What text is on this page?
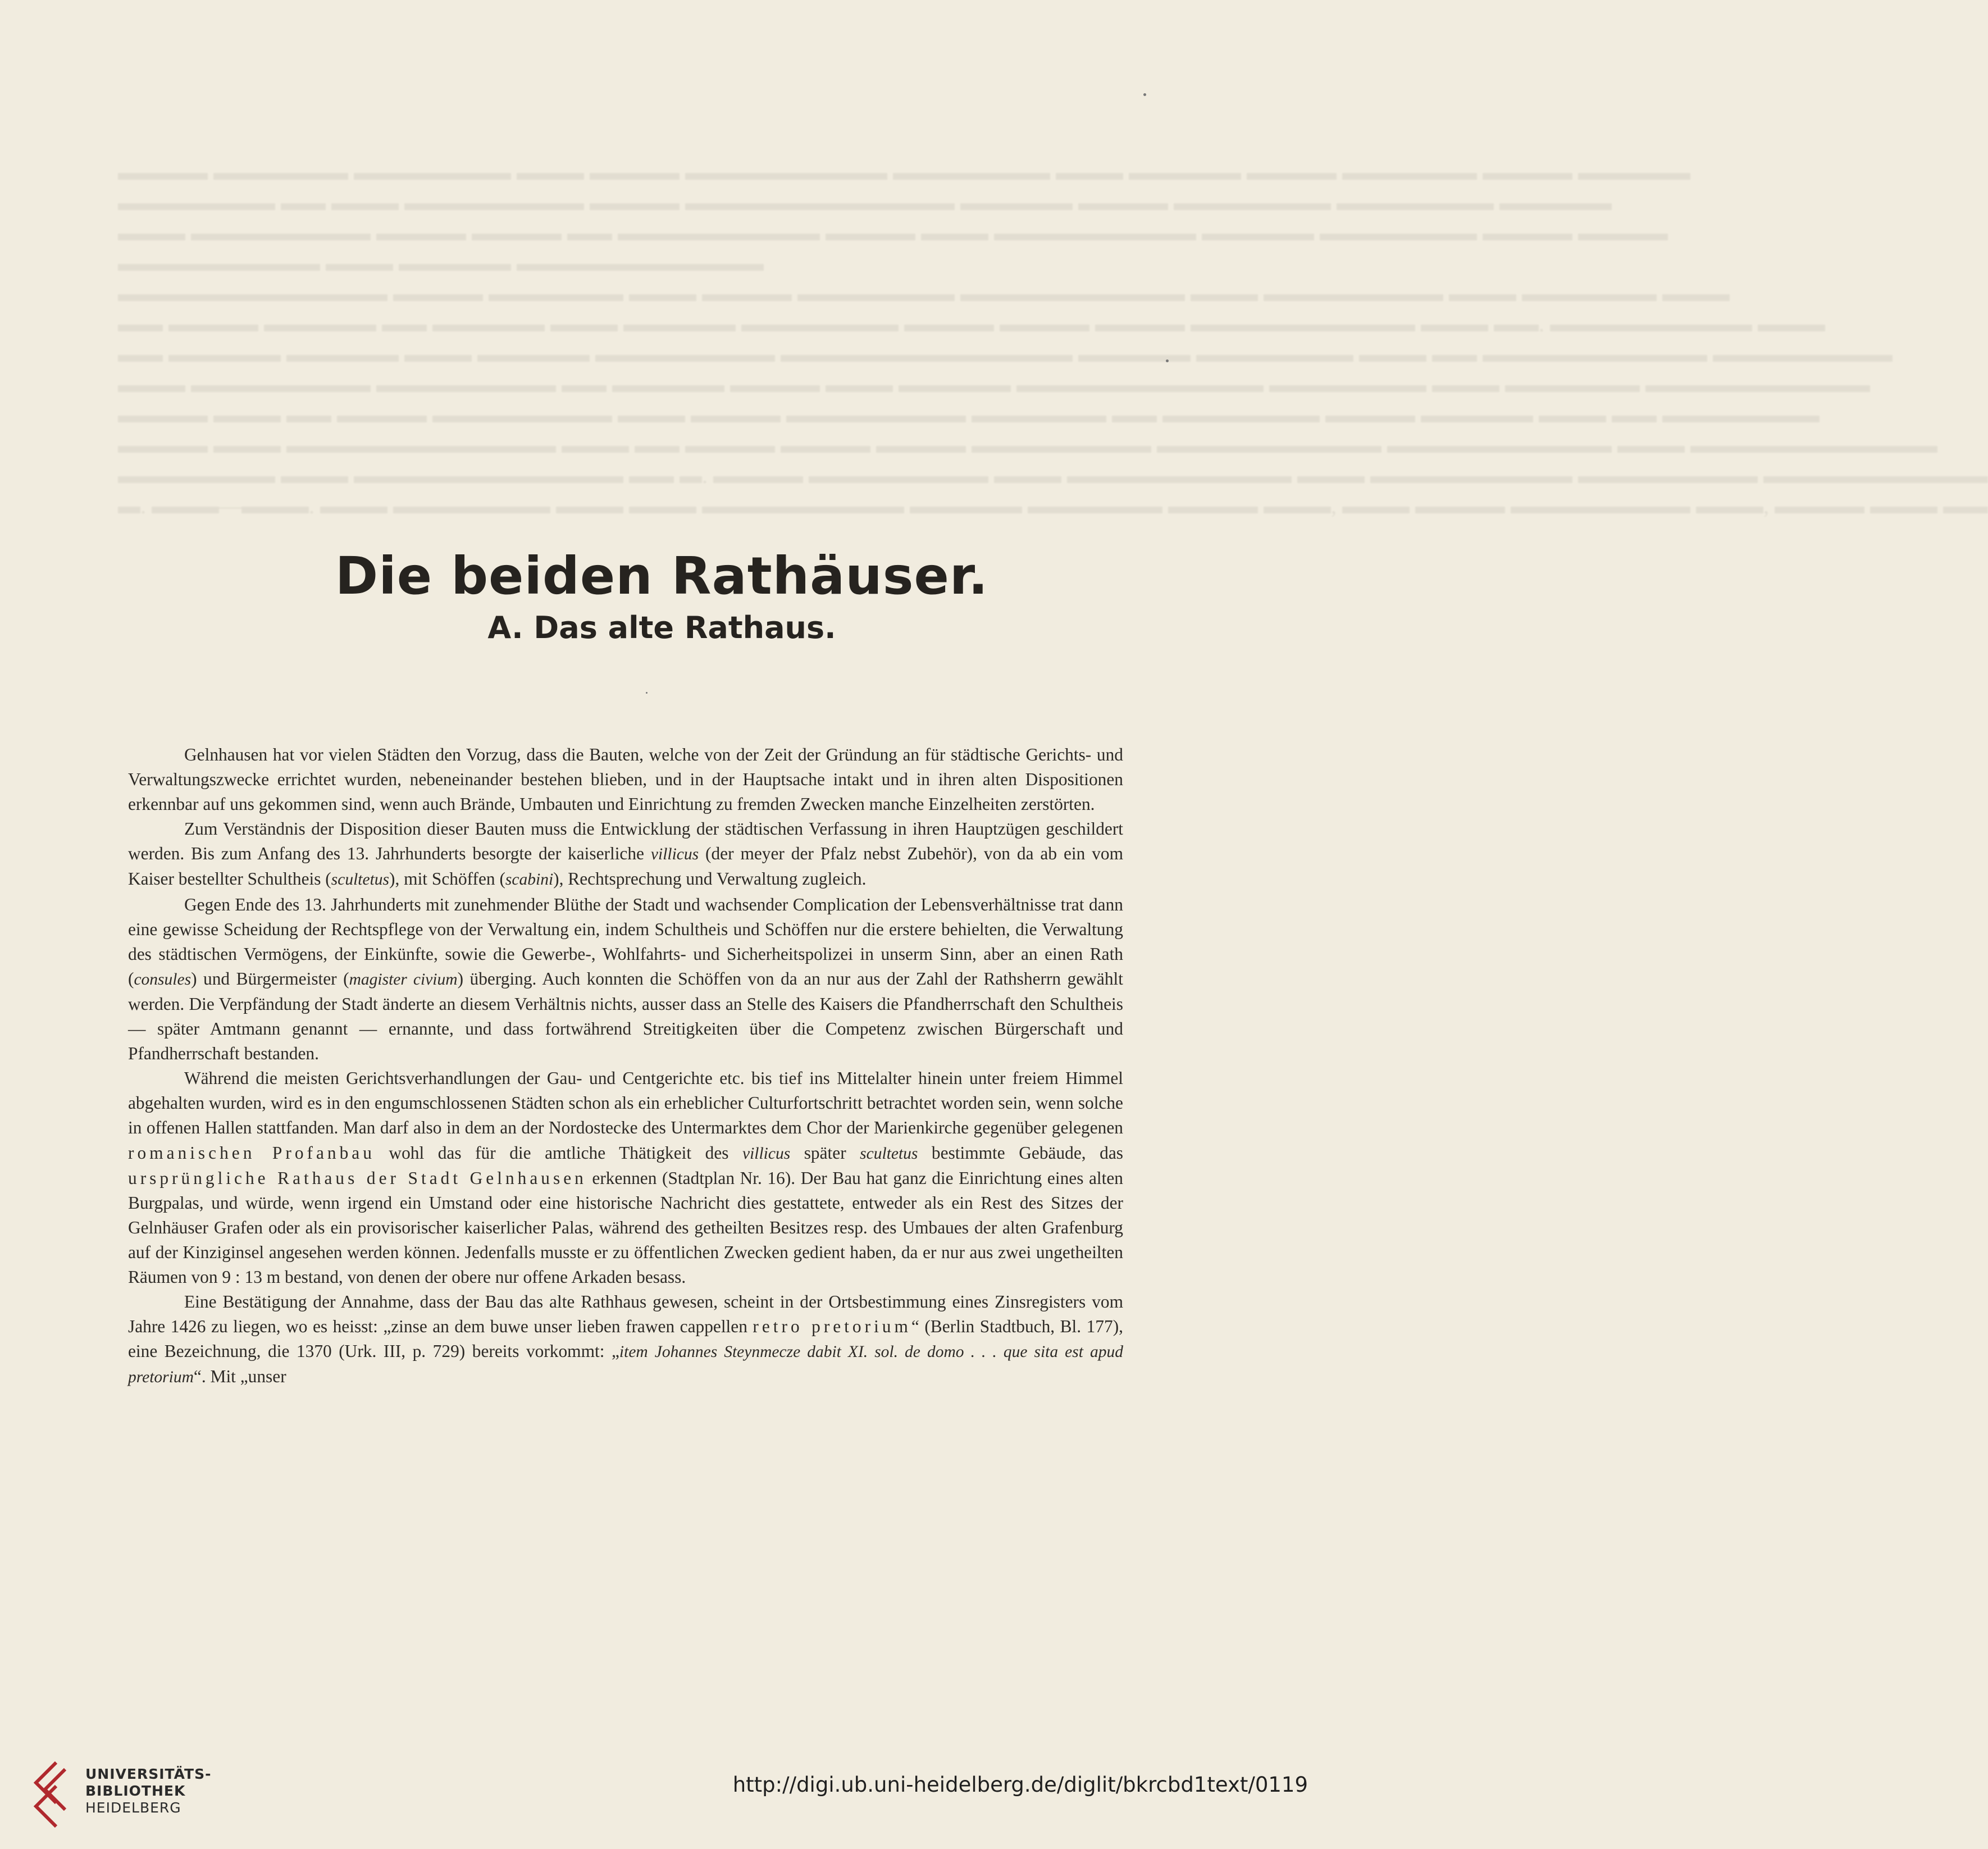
▬▬▬▬ ▬▬▬▬▬▬ ▬▬▬▬▬▬▬ ▬▬▬ ▬▬▬▬ ▬▬▬▬▬▬▬▬▬ ▬▬▬▬▬▬▬ ▬▬▬ ▬▬▬▬▬ ▬▬▬▬ ▬▬▬▬▬▬ ▬▬▬▬ ▬▬▬▬▬
▬▬▬▬▬▬▬ ▬▬ ▬▬▬ ▬▬▬▬▬▬▬▬ ▬▬▬▬ ▬▬▬▬▬▬▬▬▬▬▬▬ ▬▬▬▬▬ ▬▬▬▬ ▬▬▬▬▬▬▬ ▬▬▬▬▬▬▬ ▬▬▬▬▬
▬▬▬ ▬▬▬▬▬▬▬▬ ▬▬▬▬ ▬▬▬▬ ▬▬ ▬▬▬▬▬▬▬▬▬ ▬▬▬▬ ▬▬▬ ▬▬▬▬▬▬▬▬▬ ▬▬▬▬▬ ▬▬▬▬▬▬▬ ▬▬▬▬ ▬▬▬▬
▬▬▬▬▬▬▬▬▬ ▬▬▬ ▬▬▬▬▬ ▬▬▬▬▬▬▬▬▬▬▬
▬▬▬▬▬▬▬▬▬▬▬▬ ▬▬▬▬ ▬▬▬▬▬▬ ▬▬▬ ▬▬▬▬ ▬▬▬▬▬▬▬ ▬▬▬▬▬▬▬▬▬▬ ▬▬▬ ▬▬▬▬▬▬▬▬ ▬▬▬ ▬▬▬▬▬▬ ▬▬▬
▬▬ ▬▬▬▬ ▬▬▬▬▬ ▬▬ ▬▬▬▬▬ ▬▬▬ ▬▬▬▬▬ ▬▬▬▬▬▬▬ ▬▬▬▬ ▬▬▬▬ ▬▬▬▬ ▬▬▬▬▬▬▬▬▬▬ ▬▬▬ ▬▬. ▬▬▬▬▬▬▬▬▬ ▬▬▬
▬▬ ▬▬▬▬▬ ▬▬▬▬▬ ▬▬▬ ▬▬▬▬▬ ▬▬▬▬▬▬▬▬ ▬▬▬▬▬▬▬▬▬▬▬▬▬ ▬▬▬▬▬ ▬▬▬▬▬▬▬ ▬▬▬ ▬▬ ▬▬▬▬▬▬▬▬▬▬ ▬▬▬▬▬▬▬▬
▬▬▬ ▬▬▬▬▬▬▬▬ ▬▬▬▬▬▬▬▬ ▬▬ ▬▬▬▬▬ ▬▬▬▬ ▬▬▬ ▬▬▬▬▬ ▬▬▬▬▬▬▬▬▬▬▬ ▬▬▬▬▬▬▬ ▬▬▬ ▬▬▬▬▬▬ ▬▬▬▬▬▬▬▬▬▬
▬▬▬▬ ▬▬▬ ▬▬ ▬▬▬▬ ▬▬▬▬▬▬▬▬ ▬▬▬ ▬▬▬▬ ▬▬▬▬▬▬▬▬ ▬▬▬▬▬▬ ▬▬ ▬▬▬▬▬▬▬ ▬▬▬▬ ▬▬▬▬▬ ▬▬▬ ▬▬ ▬▬▬▬▬▬▬
▬▬▬▬ ▬▬▬ ▬▬▬▬▬▬▬▬▬▬▬▬ ▬▬▬ ▬▬ ▬▬▬▬ ▬▬▬▬ ▬▬▬▬ ▬▬▬▬▬▬▬▬ ▬▬▬▬▬▬▬▬▬▬ ▬▬▬▬▬▬▬▬▬▬ ▬▬▬ ▬▬▬▬▬▬▬▬▬▬▬
▬▬▬▬▬▬▬ ▬▬▬ ▬▬▬▬▬▬▬▬▬▬▬▬ ▬▬ ▬. ▬▬▬▬ ▬▬▬▬▬▬▬▬ ▬▬▬ ▬▬▬▬▬▬▬▬▬▬ ▬▬▬ ▬▬▬▬▬▬▬▬▬ ▬▬▬▬▬▬▬▬ ▬▬▬▬▬▬▬▬▬▬
▬. ▬▬▬—▬▬▬. ▬▬▬ ▬▬▬▬▬▬▬ ▬▬▬ ▬▬▬ ▬▬▬▬▬▬▬▬▬ ▬▬▬▬▬ ▬▬▬▬▬▬ ▬▬▬▬ ▬▬▬, ▬▬▬ ▬▬▬▬ ▬▬▬▬▬▬▬▬ ▬▬▬, ▬▬▬▬ ▬▬▬ ▬▬
Die beiden Rathäuser.
A. Das alte Rathaus.

Gelnhausen hat vor vielen Städten den Vorzug, dass die Bauten, welche von der Zeit der Gründung an für städtische Gerichts- und Verwaltungszwecke errichtet wurden, nebeneinander bestehen blieben, und in der Hauptsache intakt und in ihren alten Dispositionen erkennbar auf uns gekommen sind, wenn auch Brände, Umbauten und Einrichtung zu fremden Zwecken manche Einzelheiten zerstörten.

Zum Verständnis der Disposition dieser Bauten muss die Entwicklung der städtischen Verfassung in ihren Hauptzügen geschildert werden. Bis zum Anfang des 13. Jahrhunderts besorgte der kaiserliche villicus (der meyer der Pfalz nebst Zubehör), von da ab ein vom Kaiser bestellter Schultheis (scultetus), mit Schöffen (scabini), Rechtsprechung und Verwaltung zugleich.

Gegen Ende des 13. Jahrhunderts mit zunehmender Blüthe der Stadt und wachsender Complication der Lebensverhältnisse trat dann eine gewisse Scheidung der Rechtspflege von der Verwaltung ein, indem Schultheis und Schöffen nur die erstere behielten, die Verwaltung des städtischen Vermögens, der Einkünfte, sowie die Gewerbe-, Wohlfahrts- und Sicherheitspolizei in unserm Sinn, aber an einen Rath (consules) und Bürgermeister (magister civium) überging. Auch konnten die Schöffen von da an nur aus der Zahl der Rathsherrn gewählt werden. Die Verpfändung der Stadt änderte an diesem Verhältnis nichts, ausser dass an Stelle des Kaisers die Pfandherrschaft den Schultheis — später Amtmann genannt — ernannte, und dass fortwährend Streitigkeiten über die Competenz zwischen Bürgerschaft und Pfandherrschaft bestanden.

Während die meisten Gerichtsverhandlungen der Gau- und Centgerichte etc. bis tief ins Mittelalter hinein unter freiem Himmel abgehalten wurden, wird es in den engumschlossenen Städten schon als ein erheblicher Culturfortschritt betrachtet worden sein, wenn solche in offenen Hallen stattfanden. Man darf also in dem an der Nordostecke des Untermarktes dem Chor der Marienkirche gegenüber gelegenen romanischen Profanbau wohl das für die amtliche Thätigkeit des villicus später scultetus bestimmte Gebäude, das ursprüngliche Rathaus der Stadt Gelnhausen erkennen (Stadtplan Nr. 16). Der Bau hat ganz die Einrichtung eines alten Burgpalas, und würde, wenn irgend ein Umstand oder eine historische Nachricht dies gestattete, entweder als ein Rest des Sitzes der Gelnhäuser Grafen oder als ein provisorischer kaiserlicher Palas, während des getheilten Besitzes resp. des Umbaues der alten Grafenburg auf der Kinziginsel angesehen werden können. Jedenfalls musste er zu öffentlichen Zwecken gedient haben, da er nur aus zwei ungetheilten Räumen von 9 : 13 m bestand, von denen der obere nur offene Arkaden besass.

Eine Bestätigung der Annahme, dass der Bau das alte Rathhaus gewesen, scheint in der Ortsbestimmung eines Zinsregisters vom Jahre 1426 zu liegen, wo es heisst: „zinse an dem buwe unser lieben frawen cappellen retro pretorium“ (Berlin Stadtbuch, Bl. 177), eine Bezeichnung, die 1370 (Urk. III, p. 729) bereits vorkommt: „item Johannes Steynmecze dabit XI. sol. de domo . . . que sita est apud pretorium“. Mit „unser

UNIVERSITÄTS-
BIBLIOTHEK
HEIDELBERG
http://digi.ub.uni-heidelberg.de/diglit/bkrcbd1text/0119
